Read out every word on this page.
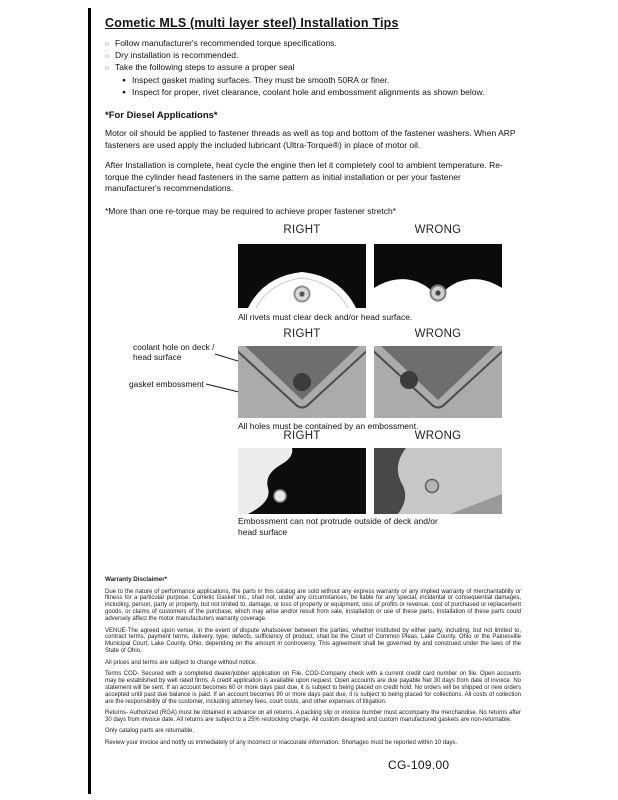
Cometic MLS (multi layer steel) Installation Tips
○ Follow manufacturer's recommended torque specifications.
○ Dry installation is recommended.
○ Take the following steps to assure a proper seal
● Inspect gasket mating surfaces. They must be smooth 50RA or finer.
● Inspect for proper, rivet clearance, coolant hole and embossment alignments as shown below.
*For Diesel Applications*

Motor oil should be applied to fastener threads as well as top and bottom of the fastener washers. When ARP fasteners are used apply the included lubricant (Ultra-Torque®) in place of motor oil.

After Installation is complete, heat cycle the engine then let it completely cool to ambient temperature. Re-torque the cylinder head fasteners in the same pattern as initial installation or per your fastener manufacturer's recommendations.

*More than one re-torque may be required to achieve proper fastener stretch*

RIGHT	WRONG
All rivets must clear deck and/or head surface.
RIGHT	WRONG
coolant hole on deck / head surface
gasket embossment
All holes must be contained by an embossment.
RIGHT	WRONG
Embossment can not protrude outside of deck and/or head surface
Warranty Disclaimer*

Due to the nature of performance applications, the parts in this catalog are sold without any express warranty or any implied warranty of merchantability or fitness for a particular purpose. Cometic Gasket Inc., shall not, under any circumstances, be liable for any special, incidental or consequential damages, including, person, party or property, but not limited to, damage, or loss of property or equipment, loss of profits or revenue, cost of purchased or replacement goods, or claims of customers of the purchase, which may arise and/or result from sale, installation or use of these parts. Installation of these parts could adversely affect the motor manufacturers warranty coverage.

VENUE-The agreed upon venue, in the event of dispute whatsoever between the parties, whether instituted by either party, including, but not limited to, contract terms, payment terms, delivery, type, defects, sufficiency of product, shall be the Court of Common Pleas, Lake County, Ohio or the Painesville Municipal Court, Lake County, Ohio, depending on the amount in controversy. This agreement shall be governed by and construed under the laws of the State of Ohio.

All prices and terms are subject to change without notice.

Terms COD- Secured with a completed dealer/jobber application on File, COD-Company check with a current credit card number on file. Open accounts may be established by well rated firms. A credit application is available upon request. Open accounts are due payable Net 30 days from date of invoice. No statement will be sent. If an account becomes 60 or more days past due, it is subject to being placed on credit hold. No orders will be shipped or new orders accepted until past due balance is paid. If an account becomes 90 or more days past due, it is subject to being placed for collections. All costs of collection are the responsibility of the customer, including attorney fees, court costs, and other expenses of litigation.

Returns- Authorized (RGA) must be obtained in advance on all returns. A packing slip or invoice number must accompany the merchandise. No returns after 30 days from invoice date. All returns are subject to a 25% restocking charge. All custom designed and custom manufactured gaskets are non-returnable.

Only catalog parts are returnable.

Review your invoice and notify us immediately of any incorrect or inaccurate information. Shortages must be reported within 10 days.

CG-109.00
